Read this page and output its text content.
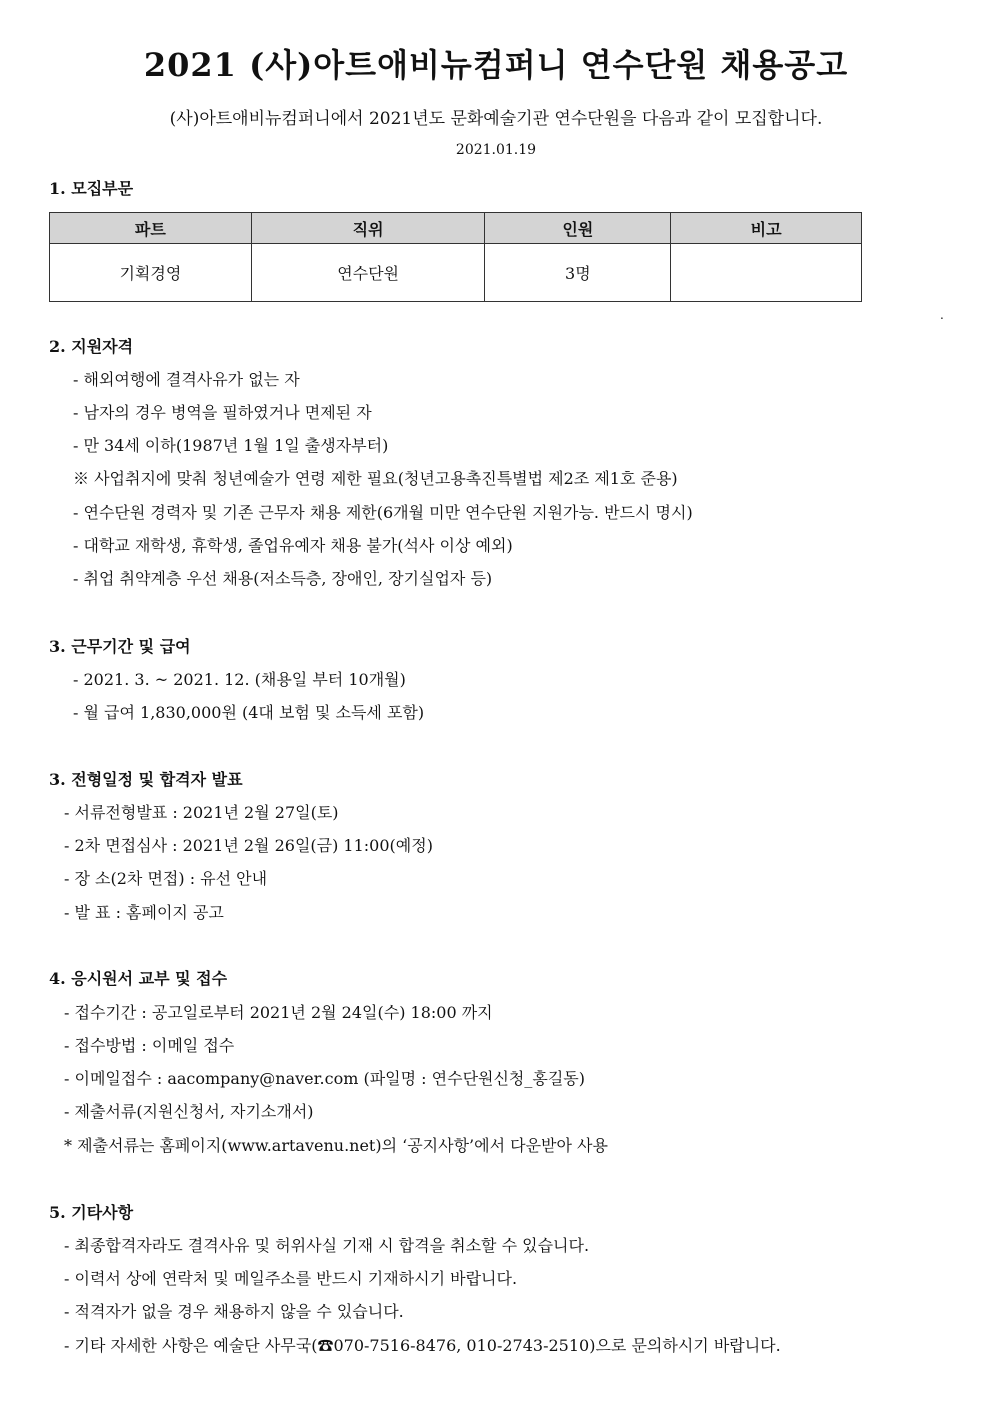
2021 (사)아트애비뉴컴퍼니 연수단원 채용공고
(사)아트애비뉴컴퍼니에서 2021년도 문화예술기관 연수단원을 다음과 같이 모집합니다.
2021.01.19
1. 모집부문
파트	직위	인원	비고
기획경영	연수단원	3명	
.
2. 지원자격
- 해외여행에 결격사유가 없는 자
- 남자의 경우 병역을 필하였거나 면제된 자
- 만 34세 이하(1987년 1월 1일 출생자부터)
※ 사업취지에 맞춰 청년예술가 연령 제한 필요(청년고용촉진특별법 제2조 제1호 준용)
- 연수단원 경력자 및 기존 근무자 채용 제한(6개월 미만 연수단원 지원가능. 반드시 명시)
- 대학교 재학생, 휴학생, 졸업유예자 채용 불가(석사 이상 예외)
- 취업 취약계층 우선 채용(저소득층, 장애인, 장기실업자 등)
3. 근무기간 및 급여
- 2021. 3. ~ 2021. 12. (채용일 부터 10개월)
- 월 급여 1,830,000원 (4대 보험 및 소득세 포함)
3. 전형일정 및 합격자 발표
- 서류전형발표 : 2021년 2월 27일(토)
- 2차 면접심사 : 2021년 2월 26일(금) 11:00(예정)
- 장 소(2차 면접) : 유선 안내
- 발 표 : 홈페이지 공고
4. 응시원서 교부 및 접수
- 접수기간 : 공고일로부터 2021년 2월 24일(수) 18:00 까지
- 접수방법 : 이메일 접수
- 이메일접수 : aacompany@naver.com (파일명 : 연수단원신청_홍길동)
- 제출서류(지원신청서, 자기소개서)
* 제출서류는 홈페이지(www.artavenu.net)의 ‘공지사항’에서 다운받아 사용
5. 기타사항
- 최종합격자라도 결격사유 및 허위사실 기재 시 합격을 취소할 수 있습니다.
- 이력서 상에 연락처 및 메일주소를 반드시 기재하시기 바랍니다.
- 적격자가 없을 경우 채용하지 않을 수 있습니다.
- 기타 자세한 사항은 예술단 사무국(☎070-7516-8476, 010-2743-2510)으로 문의하시기 바랍니다.
